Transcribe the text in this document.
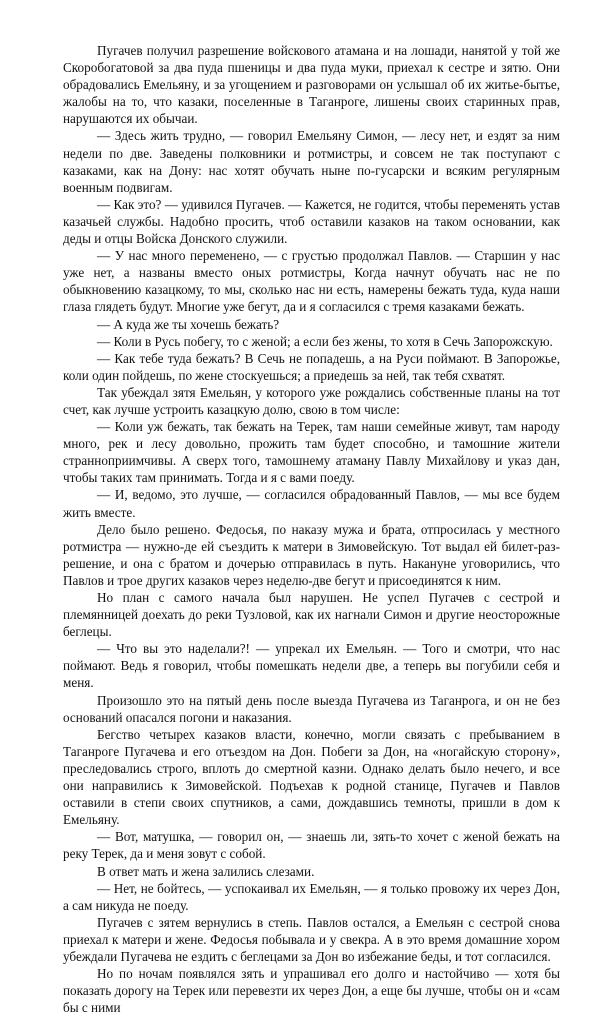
Пугачев получил разрешение войскового атамана и на лошади, нанятой у той же Скоробогатовой за два пуда пшеницы и два пуда муки, приехал к сестре и зятю. Они обрадовались Емельяну, и за угощением и разговорами он услышал об их житье-бытье, жалобы на то, что казаки, поселенные в Таганроге, лишены своих старинных прав, нарушаются их обычаи.

— Здесь жить трудно, — говорил Емельяну Симон, — лесу нет, и ездят за ним недели по две. Заведены полковники и ротмистры, и совсем не так поступают с казаками, как на Дону: нас хотят обучать ныне по-гусарски и всяким регулярным военным подвигам.

— Как это? — удивился Пугачев. — Кажется, не годится, чтобы переменять устав казачьей службы. Надобно просить, чтоб оставили казаков на таком основании, как деды и отцы Войска Донского служили.

— У нас много переменено, — с грустью продолжал Павлов. — Старшин у нас уже нет, а названы вместо оных ротмистры, Когда начнут обучать нас не по обыкновению казацкому, то мы, сколько нас ни есть, намерены бежать туда, куда наши глаза глядеть будут. Многие уже бегут, да и я согласился с тремя казаками бежать.

— А куда же ты хочешь бежать?

— Коли в Русь побегу, то с женой; а если без жены, то хотя в Сечь Запорожскую.

— Как тебе туда бежать? В Сечь не попадешь, а на Руси поймают. В Запорожье, коли один пойдешь, по жене стоскуешься; а приедешь за ней, так тебя схватят.

Так убеждал зятя Емельян, у которого уже рождались собственные планы на тот счет, как лучше устроить казацкую долю, свою в том числе:

— Коли уж бежать, так бежать на Терек, там наши семейные живут, там народу много, рек и лесу довольно, прожить там будет способно, и тамошние жители странноприимчивы. А сверх того, тамошнему атаману Павлу Михайлову и указ дан, чтобы таких там принимать. Тогда и я с вами поеду.

— И, ведомо, это лучше, — согласился обрадованный Павлов, — мы все будем жить вместе.

Дело было решено. Федосья, по наказу мужа и брата, отпросилась у местного ротмистра — нужно-де ей съездить к матери в Зимовейскую. Тот выдал ей билет-раз-решение, и она с братом и дочерью отправилась в путь. Накануне уговорились, что Павлов и трое других казаков через неделю-две бегут и присоединятся к ним.

Но план с самого начала был нарушен. Не успел Пугачев с сестрой и племянницей доехать до реки Тузловой, как их нагнали Симон и другие неосторожные беглецы.

— Что вы это наделали?! — упрекал их Емельян. — Того и смотри, что нас поймают. Ведь я говорил, чтобы помешкать недели две, а теперь вы погубили себя и меня.

Произошло это на пятый день после выезда Пугачева из Таганрога, и он не без оснований опасался погони и наказания.

Бегство четырех казаков власти, конечно, могли связать с пребыванием в Таганроге Пугачева и его отъездом на Дон. Побеги за Дон, на «ногайскую сторону», преследовались строго, вплоть до смертной казни. Однако делать было нечего, и все они направились к Зимовейской. Подъехав к родной станице, Пугачев и Павлов оставили в степи своих спутников, а сами, дождавшись темноты, пришли в дом к Емельяну.

— Вот, матушка, — говорил он, — знаешь ли, зять-то хочет с женой бежать на реку Терек, да и меня зовут с собой.

В ответ мать и жена залились слезами.

— Нет, не бойтесь, — успокаивал их Емельян, — я только провожу их через Дон, а сам никуда не поеду.

Пугачев с зятем вернулись в степь. Павлов остался, а Емельян с сестрой снова приехал к матери и жене. Федосья побывала и у свекра. А в это время домашние хором убеждали Пугачева не ездить с беглецами за Дон во избежание беды, и тот согласился.

Но по ночам появлялся зять и упрашивал его долго и настойчиво — хотя бы показать дорогу на Терек или перевезти их через Дон, а еще бы лучше, чтобы он и «сам бы с ними
